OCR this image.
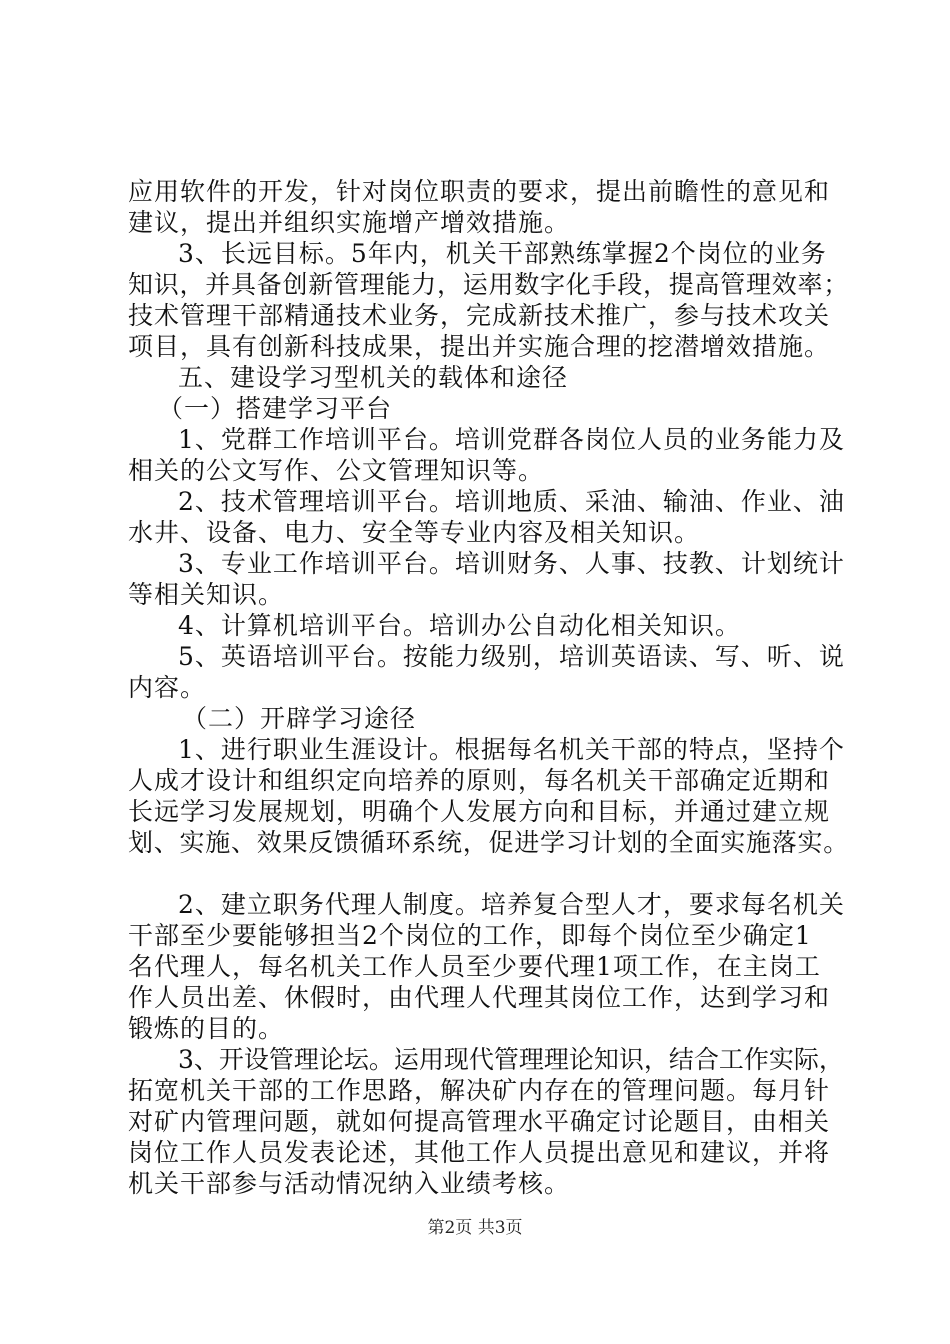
应用软件的开发，针对岗位职责的要求，提出前瞻性的意见和
建议，提出并组织实施增产增效措施。
3、长远目标。5年内，机关干部熟练掌握2个岗位的业务
知识，并具备创新管理能力，运用数字化手段，提高管理效率；
技术管理干部精通技术业务，完成新技术推广，参与技术攻关
项目，具有创新科技成果，提出并实施合理的挖潜增效措施。
五、建设学习型机关的载体和途径
（一）搭建学习平台
1、党群工作培训平台。培训党群各岗位人员的业务能力及
相关的公文写作、公文管理知识等。
2、技术管理培训平台。培训地质、采油、输油、作业、油
水井、设备、电力、安全等专业内容及相关知识。
3、专业工作培训平台。培训财务、人事、技教、计划统计
等相关知识。
4、计算机培训平台。培训办公自动化相关知识。
5、英语培训平台。按能力级别，培训英语读、写、听、说
内容。
（二）开辟学习途径
1、进行职业生涯设计。根据每名机关干部的特点，坚持个
人成才设计和组织定向培养的原则，每名机关干部确定近期和
长远学习发展规划，明确个人发展方向和目标，并通过建立规
划、实施、效果反馈循环系统，促进学习计划的全面实施落实。
2、建立职务代理人制度。培养复合型人才，要求每名机关
干部至少要能够担当2个岗位的工作，即每个岗位至少确定1
名代理人，每名机关工作人员至少要代理1项工作，在主岗工
作人员出差、休假时，由代理人代理其岗位工作，达到学习和
锻炼的目的。
3、开设管理论坛。运用现代管理理论知识，结合工作实际，
拓宽机关干部的工作思路，解决矿内存在的管理问题。每月针
对矿内管理问题，就如何提高管理水平确定讨论题目，由相关
岗位工作人员发表论述，其他工作人员提出意见和建议，并将
机关干部参与活动情况纳入业绩考核。
第2页 共3页
